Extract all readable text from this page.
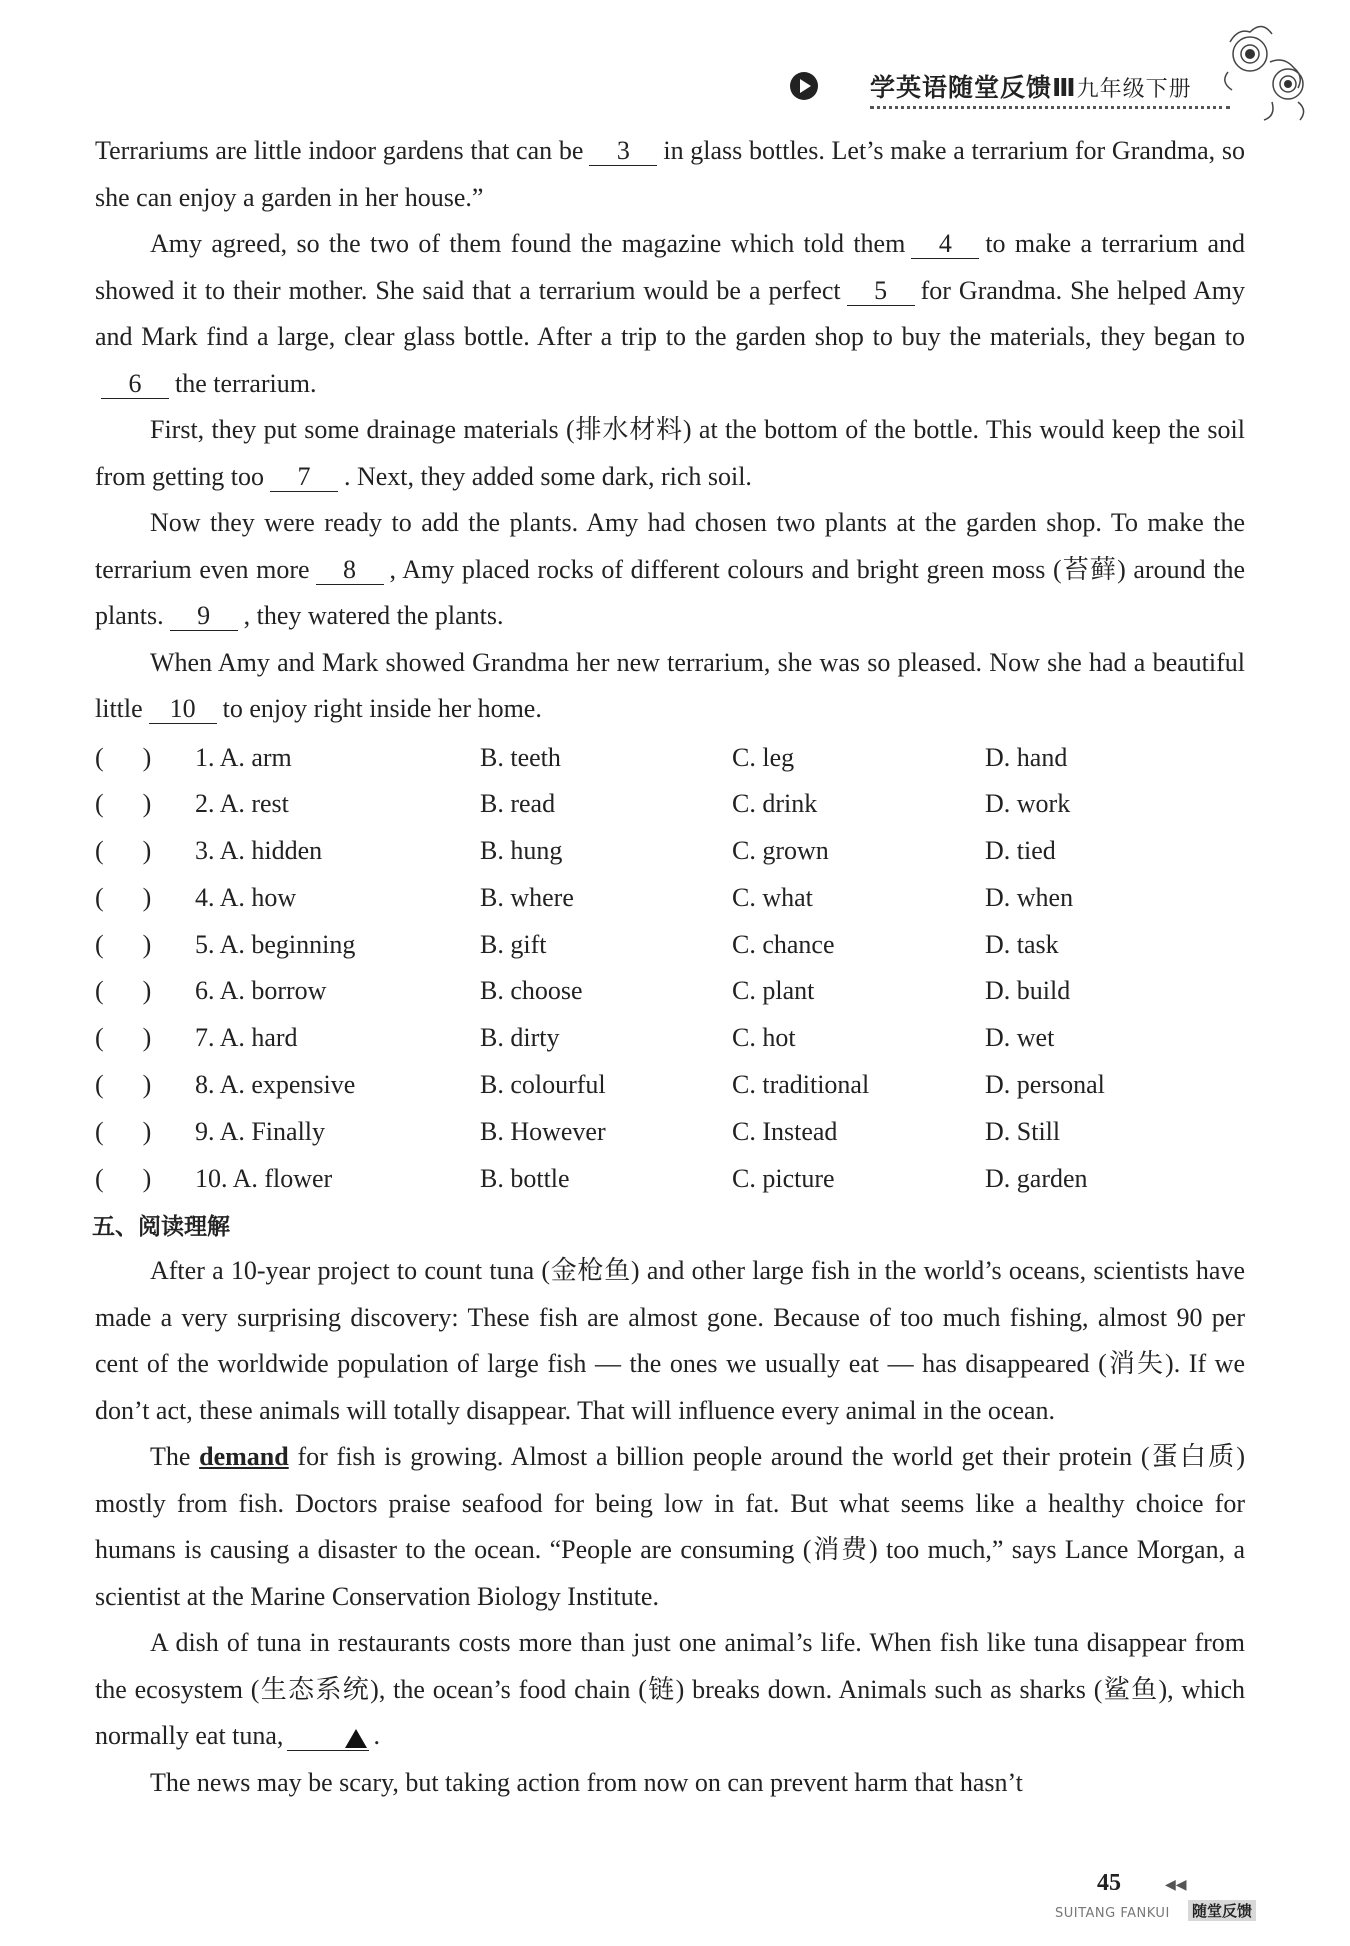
学英语随堂反馈Ⅲ九年级下册

Terrariums are little indoor gardens that can be 3 in glass bottles. Let’s make a terrarium for Grandma, so she can enjoy a garden in her house.”

Amy agreed, so the two of them found the magazine which told them 4 to make a terrarium and showed it to their mother. She said that a terrarium would be a perfect 5 for Grandma. She helped Amy and Mark find a large, clear glass bottle. After a trip to the garden shop to buy the materials, they began to6 the terrarium.

First, they put some drainage materials (排水材料) at the bottom of the bottle. This would keep the soil from getting too 7 . Next, they added some dark, rich soil.

Now they were ready to add the plants. Amy had chosen two plants at the garden shop. To make the terrarium even more 8 , Amy placed rocks of different colours and bright green moss (苔藓) around the plants. 9 , they watered the plants.

When Amy and Mark showed Grandma her new terrarium, she was so pleased. Now she had a beautiful little 10 to enjoy right inside her home.

(      )	1. A. arm	B. teeth	C. leg	D. hand
(      )	2. A. rest	B. read	C. drink	D. work
(      )	3. A. hidden	B. hung	C. grown	D. tied
(      )	4. A. how	B. where	C. what	D. when
(      )	5. A. beginning	B. gift	C. chance	D. task
(      )	6. A. borrow	B. choose	C. plant	D. build
(      )	7. A. hard	B. dirty	C. hot	D. wet
(      )	8. A. expensive	B. colourful	C. traditional	D. personal
(      )	9. A. Finally	B. However	C. Instead	D. Still
(      )	10. A. flower	B. bottle	C. picture	D. garden
五、阅读理解

After a 10-year project to count tuna (金枪鱼) and other large fish in the world’s oceans, scientists have made a very surprising discovery: These fish are almost gone. Because of too much fishing, almost 90 per cent of the worldwide population of large fish — the ones we usually eat — has disappeared (消失). If we don’t act, these animals will totally disappear. That will influence every animal in the ocean.

The demand for fish is growing. Almost a billion people around the world get their protein (蛋白质) mostly from fish. Doctors praise seafood for being low in fat. But what seems like a healthy choice for humans is causing a disaster to the ocean. “People are consuming (消费) too much,” says Lance Morgan, a scientist at the Marine Conservation Biology Institute.

A dish of tuna in restaurants costs more than just one animal’s life. When fish like tuna disappear from the ecosystem (生态系统), the ocean’s food chain (链) breaks down. Animals such as sharks (鲨鱼), which normally eat tuna,	.

The news may be scary, but taking action from now on can prevent harm that hasn’t

45	◀◀
SUITANG FANKUI 随堂反馈
